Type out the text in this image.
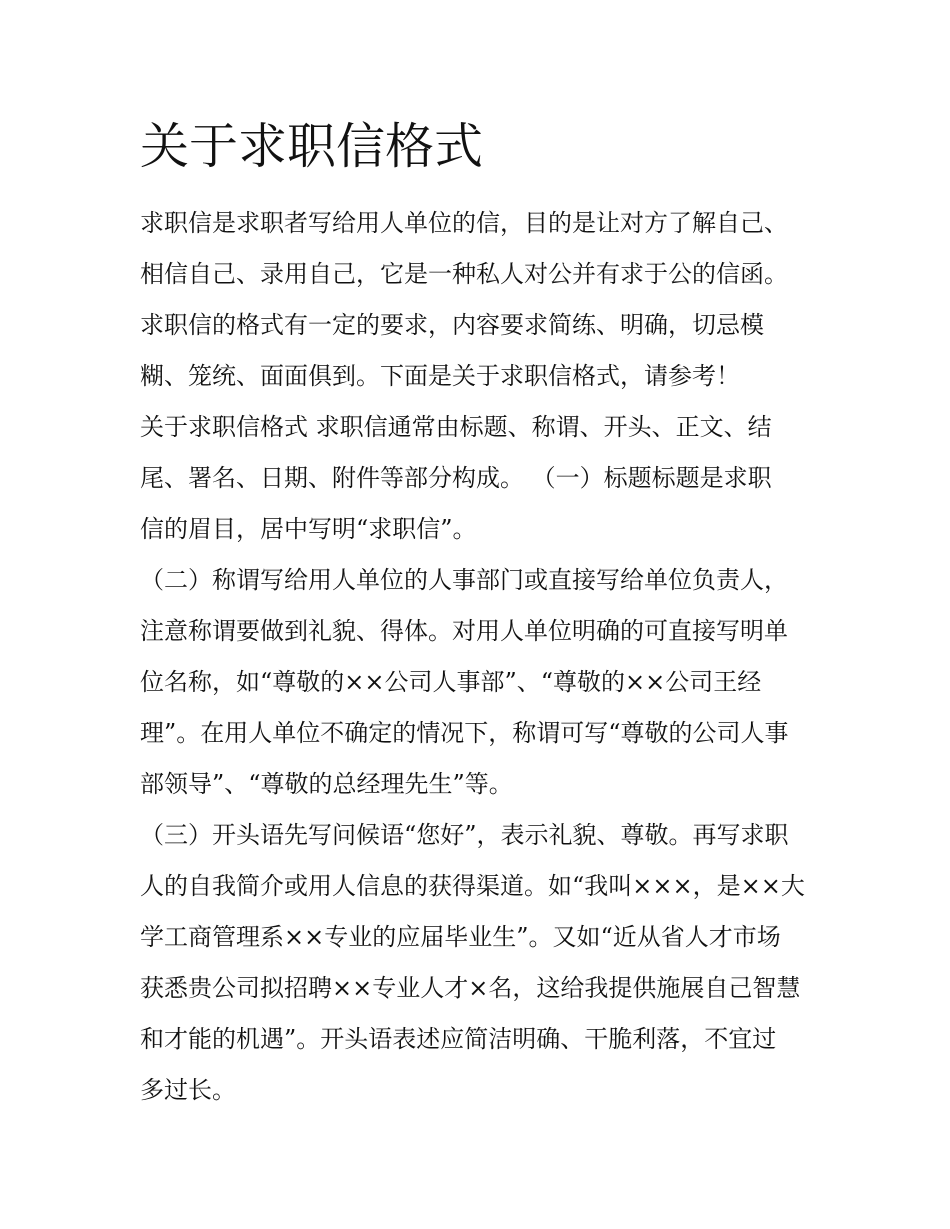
关于求职信格式
求职信是求职者写给用人单位的信，目的是让对方了解自己、
相信自己、录用自己，它是一种私人对公并有求于公的信函。
求职信的格式有一定的要求，内容要求简练、明确，切忌模
糊、笼统、面面俱到。下面是关于求职信格式，请参考！
关于求职信格式 求职信通常由标题、称谓、开头、正文、结
尾、署名、日期、附件等部分构成。 （一）标题标题是求职
信的眉目，居中写明“求职信”。
（二）称谓写给用人单位的人事部门或直接写给单位负责人，
注意称谓要做到礼貌、得体。对用人单位明确的可直接写明单
位名称，如“尊敬的××公司人事部”、“尊敬的××公司王经
理”。在用人单位不确定的情况下，称谓可写“尊敬的公司人事
部领导”、“尊敬的总经理先生”等。
（三）开头语先写问候语“您好”，表示礼貌、尊敬。再写求职
人的自我简介或用人信息的获得渠道。如“我叫×××，是××大
学工商管理系××专业的应届毕业生”。又如“近从省人才市场
获悉贵公司拟招聘××专业人才×名，这给我提供施展自己智慧
和才能的机遇”。开头语表述应简洁明确、干脆利落，不宜过
多过长。
